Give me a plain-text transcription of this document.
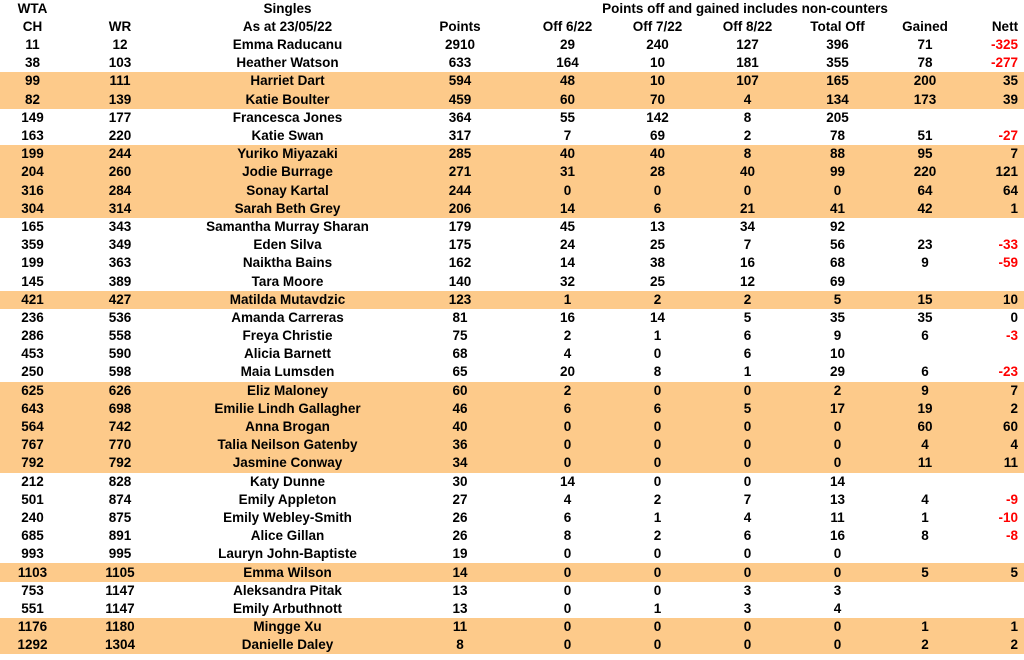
WTA		Singles		Points off and gained includes non-counters					
CH	WR	As at 23/05/22	Points	Off 6/22	Off 7/22	Off 8/22	Total Off	Gained	Nett
11	12	Emma Raducanu	2910	29	240	127	396	71	-325
38	103	Heather Watson	633	164	10	181	355	78	-277
99	111	Harriet Dart	594	48	10	107	165	200	35
82	139	Katie Boulter	459	60	70	4	134	173	39
149	177	Francesca Jones	364	55	142	8	205		
163	220	Katie Swan	317	7	69	2	78	51	-27
199	244	Yuriko Miyazaki	285	40	40	8	88	95	7
204	260	Jodie Burrage	271	31	28	40	99	220	121
316	284	Sonay Kartal	244	0	0	0	0	64	64
304	314	Sarah Beth Grey	206	14	6	21	41	42	1
165	343	Samantha Murray Sharan	179	45	13	34	92		
359	349	Eden Silva	175	24	25	7	56	23	-33
199	363	Naiktha Bains	162	14	38	16	68	9	-59
145	389	Tara Moore	140	32	25	12	69		
421	427	Matilda Mutavdzic	123	1	2	2	5	15	10
236	536	Amanda Carreras	81	16	14	5	35	35	0
286	558	Freya Christie	75	2	1	6	9	6	-3
453	590	Alicia Barnett	68	4	0	6	10		
250	598	Maia Lumsden	65	20	8	1	29	6	-23
625	626	Eliz Maloney	60	2	0	0	2	9	7
643	698	Emilie Lindh Gallagher	46	6	6	5	17	19	2
564	742	Anna Brogan	40	0	0	0	0	60	60
767	770	Talia Neilson Gatenby	36	0	0	0	0	4	4
792	792	Jasmine Conway	34	0	0	0	0	11	11
212	828	Katy Dunne	30	14	0	0	14		
501	874	Emily Appleton	27	4	2	7	13	4	-9
240	875	Emily Webley-Smith	26	6	1	4	11	1	-10
685	891	Alice Gillan	26	8	2	6	16	8	-8
993	995	Lauryn John-Baptiste	19	0	0	0	0		
1103	1105	Emma Wilson	14	0	0	0	0	5	5
753	1147	Aleksandra Pitak	13	0	0	3	3		
551	1147	Emily Arbuthnott	13	0	1	3	4		
1176	1180	Mingge Xu	11	0	0	0	0	1	1
1292	1304	Danielle Daley	8	0	0	0	0	2	2
